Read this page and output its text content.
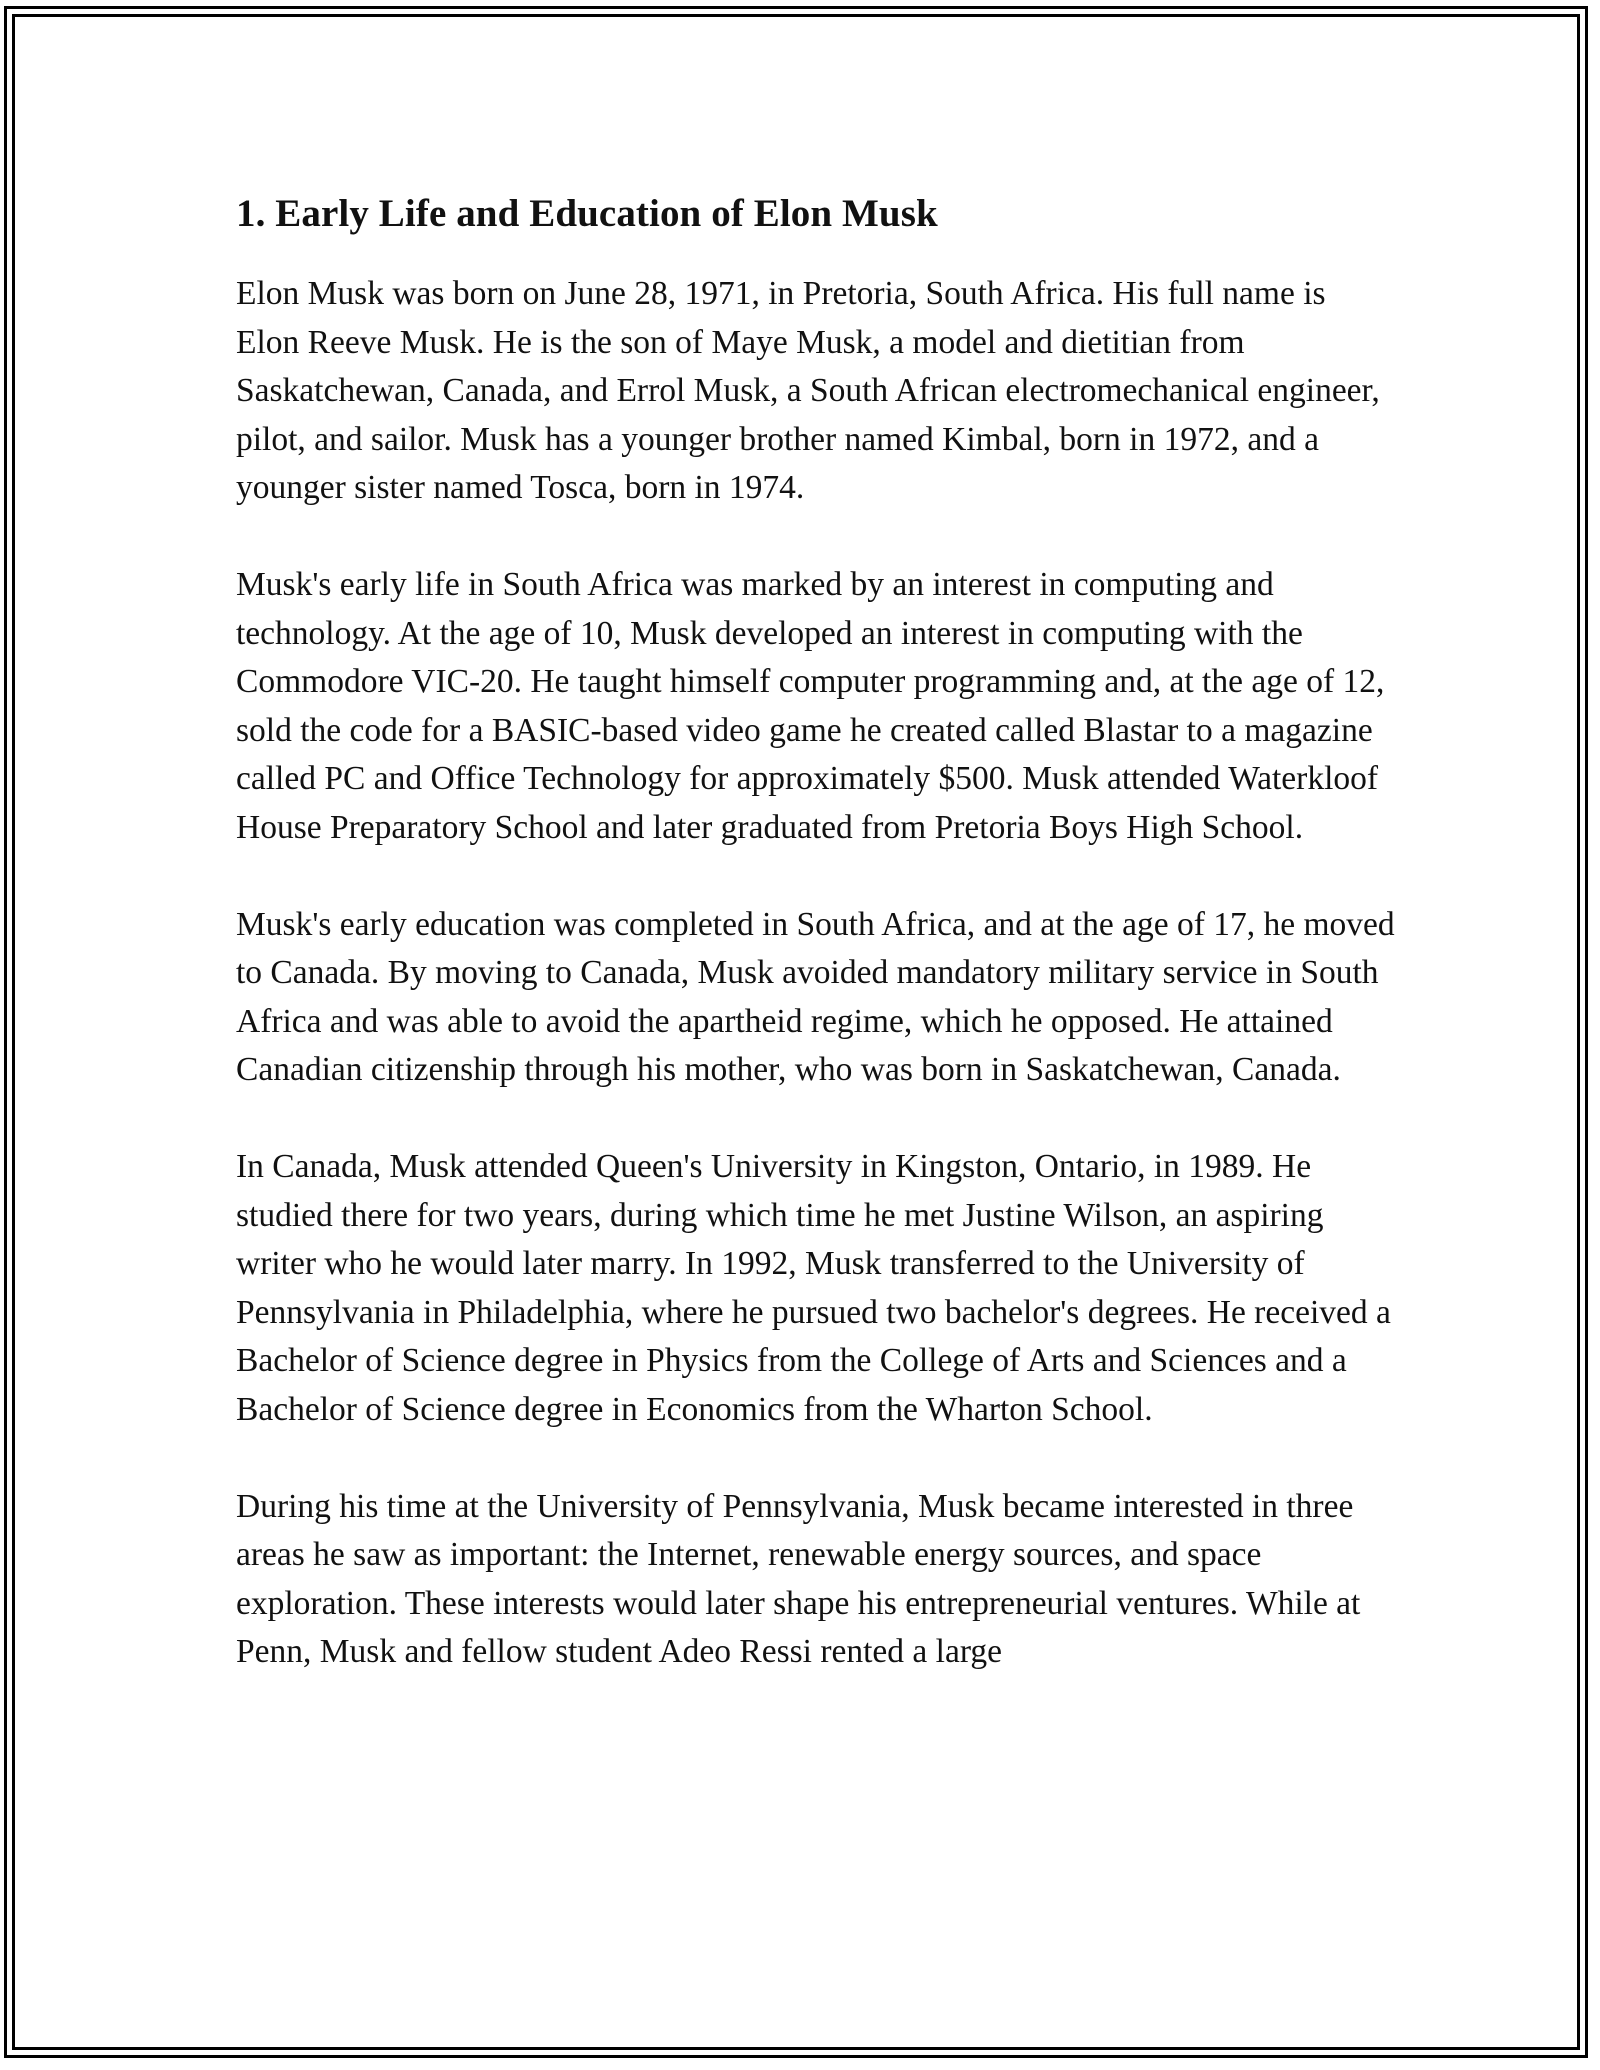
1. Early Life and Education of Elon Musk

Elon Musk was born on June 28, 1971, in Pretoria, South Africa. His full name is Elon Reeve Musk. He is the son of Maye Musk, a model and dietitian from Saskatchewan, Canada, and Errol Musk, a South African electromechanical engineer, pilot, and sailor. Musk has a younger brother named Kimbal, born in 1972, and a younger sister named Tosca, born in 1974.

Musk's early life in South Africa was marked by an interest in computing and technology. At the age of 10, Musk developed an interest in computing with the Commodore VIC-20. He taught himself computer programming and, at the age of 12, sold the code for a BASIC-based video game he created called Blastar to a magazine called PC and Office Technology for approximately $500. Musk attended Waterkloof House Preparatory School and later graduated from Pretoria Boys High School.

Musk's early education was completed in South Africa, and at the age of 17, he moved to Canada. By moving to Canada, Musk avoided mandatory military service in South Africa and was able to avoid the apartheid regime, which he opposed. He attained Canadian citizenship through his mother, who was born in Saskatchewan, Canada.

In Canada, Musk attended Queen's University in Kingston, Ontario, in 1989. He studied there for two years, during which time he met Justine Wilson, an aspiring writer who he would later marry. In 1992, Musk transferred to the University of Pennsylvania in Philadelphia, where he pursued two bachelor's degrees. He received a Bachelor of Science degree in Physics from the College of Arts and Sciences and a Bachelor of Science degree in Economics from the Wharton School.

During his time at the University of Pennsylvania, Musk became interested in three areas he saw as important: the Internet, renewable energy sources, and space exploration. These interests would later shape his entrepreneurial ventures. While at Penn, Musk and fellow student Adeo Ressi rented a large
